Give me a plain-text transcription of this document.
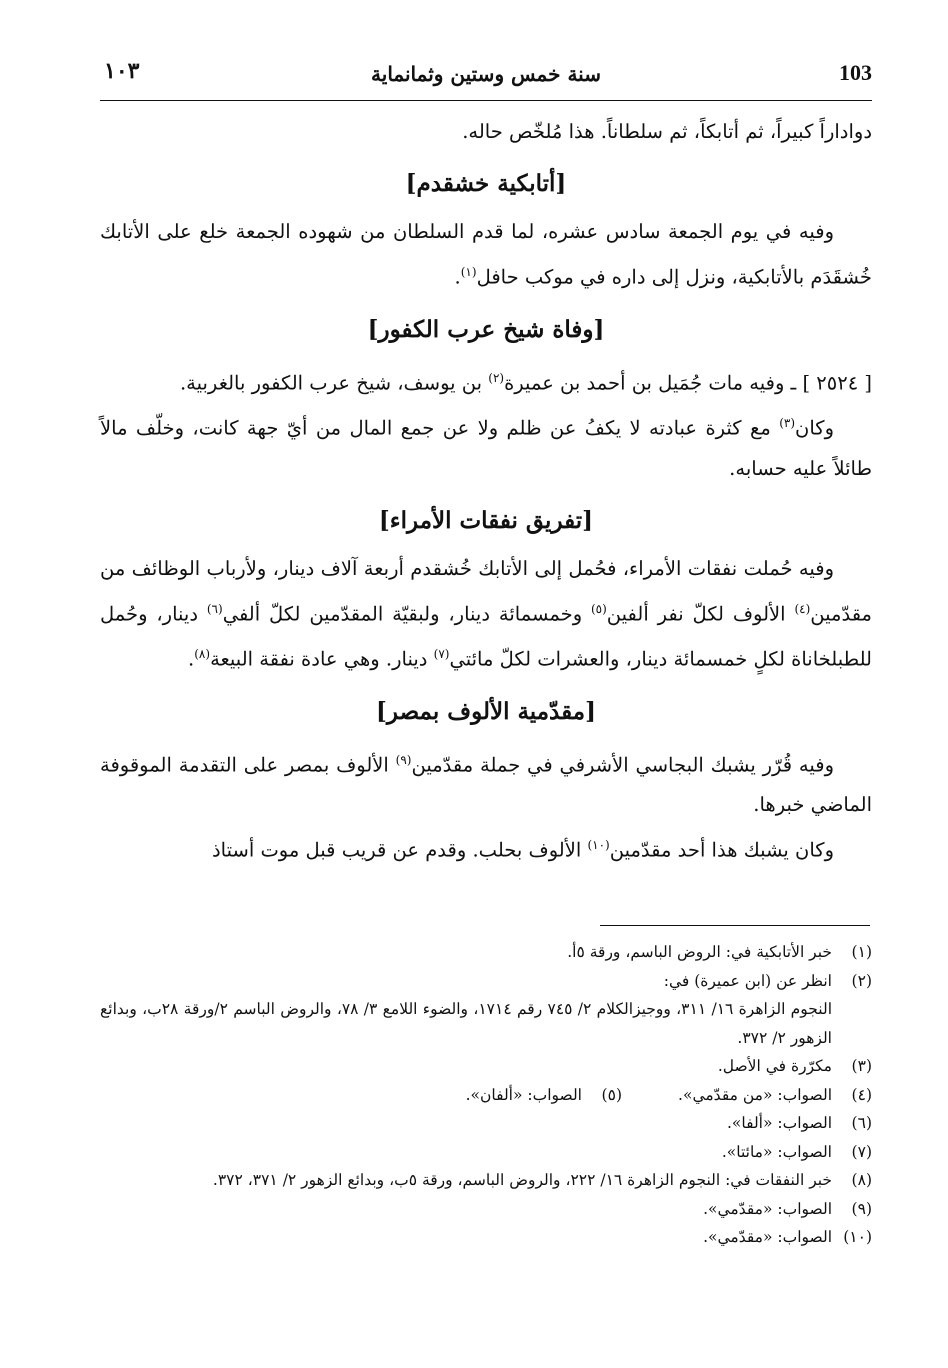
103
سنة خمس وستين وثمانماية
١٠٣

دواداراً كبيراً، ثم أتابكاً، ثم سلطاناً. هذا مُلخّص حاله.

[أتابكية خشقدم]

وفيه في يوم الجمعة سادس عشره، لما قدم السلطان من شهوده الجمعة خلع على الأتابك خُشقَدَم بالأتابكية، ونزل إلى داره في موكب حافل$^{(١)}$.

[وفاة شيخ عرب الكفور]

[ ٢٥٢٤ ] ـ وفيه مات جُمَيل بن أحمد بن عميرة$^{(٢)}$ بن يوسف، شيخ عرب الكفور بالغربية.

وكان$^{(٣)}$ مع كثرة عبادته لا يكفُ عن ظلم ولا عن جمع المال من أيّ جهة كانت، وخلّف مالاً طائلاً عليه حسابه.

[تفريق نفقات الأمراء]

وفيه حُملت نفقات الأمراء، فحُمل إلى الأتابك خُشقدم أربعة آلاف دينار، ولأرباب الوظائف من مقدّمين$^{(٤)}$ الألوف لكلّ نفر ألفين$^{(٥)}$ وخمسمائة دينار، ولبقيّة المقدّمين لكلّ ألفي$^{(٦)}$ دينار، وحُمل للطبلخاناة لكلٍ خمسمائة دينار، والعشرات لكلّ مائتي$^{(٧)}$ دينار. وهي عادة نفقة البيعة$^{(٨)}$.

[مقدّمية الألوف بمصر]

وفيه قُرّر يشبك البجاسي الأشرفي في جملة مقدّمين$^{(٩)}$ الألوف بمصر على التقدمة الموقوفة الماضي خبرها.

وكان يشبك هذا أحد مقدّمين$^{(١٠)}$ الألوف بحلب. وقدم عن قريب قبل موت أستاذ

(١)
خبر الأتابكية في: الروض الباسم، ورقة ٥أ.
(٢)
انظر عن (ابن عميرة) في:
النجوم الزاهرة ١٦/ ٣١١، ووجيزالكلام ٢/ ٧٤٥ رقم ١٧١٤، والضوء اللامع ٣/ ٧٨، والروض الباسم ٢/ورقة ٢٨ب، وبدائع الزهور ٢/ ٣٧٢.
(٣)
مكرّرة في الأصل.
(٤)
الصواب: «من مقدّمي».
(٥)
الصواب: «ألفان».
(٦)
الصواب: «ألفا».
(٧)
الصواب: «مائتا».
(٨)
خبر النفقات في: النجوم الزاهرة ١٦/ ٢٢٢، والروض الباسم، ورقة ٥ب، وبدائع الزهور ٢/ ٣٧١، ٣٧٢.
(٩)
الصواب: «مقدّمي».
(١٠)
الصواب: «مقدّمي».
